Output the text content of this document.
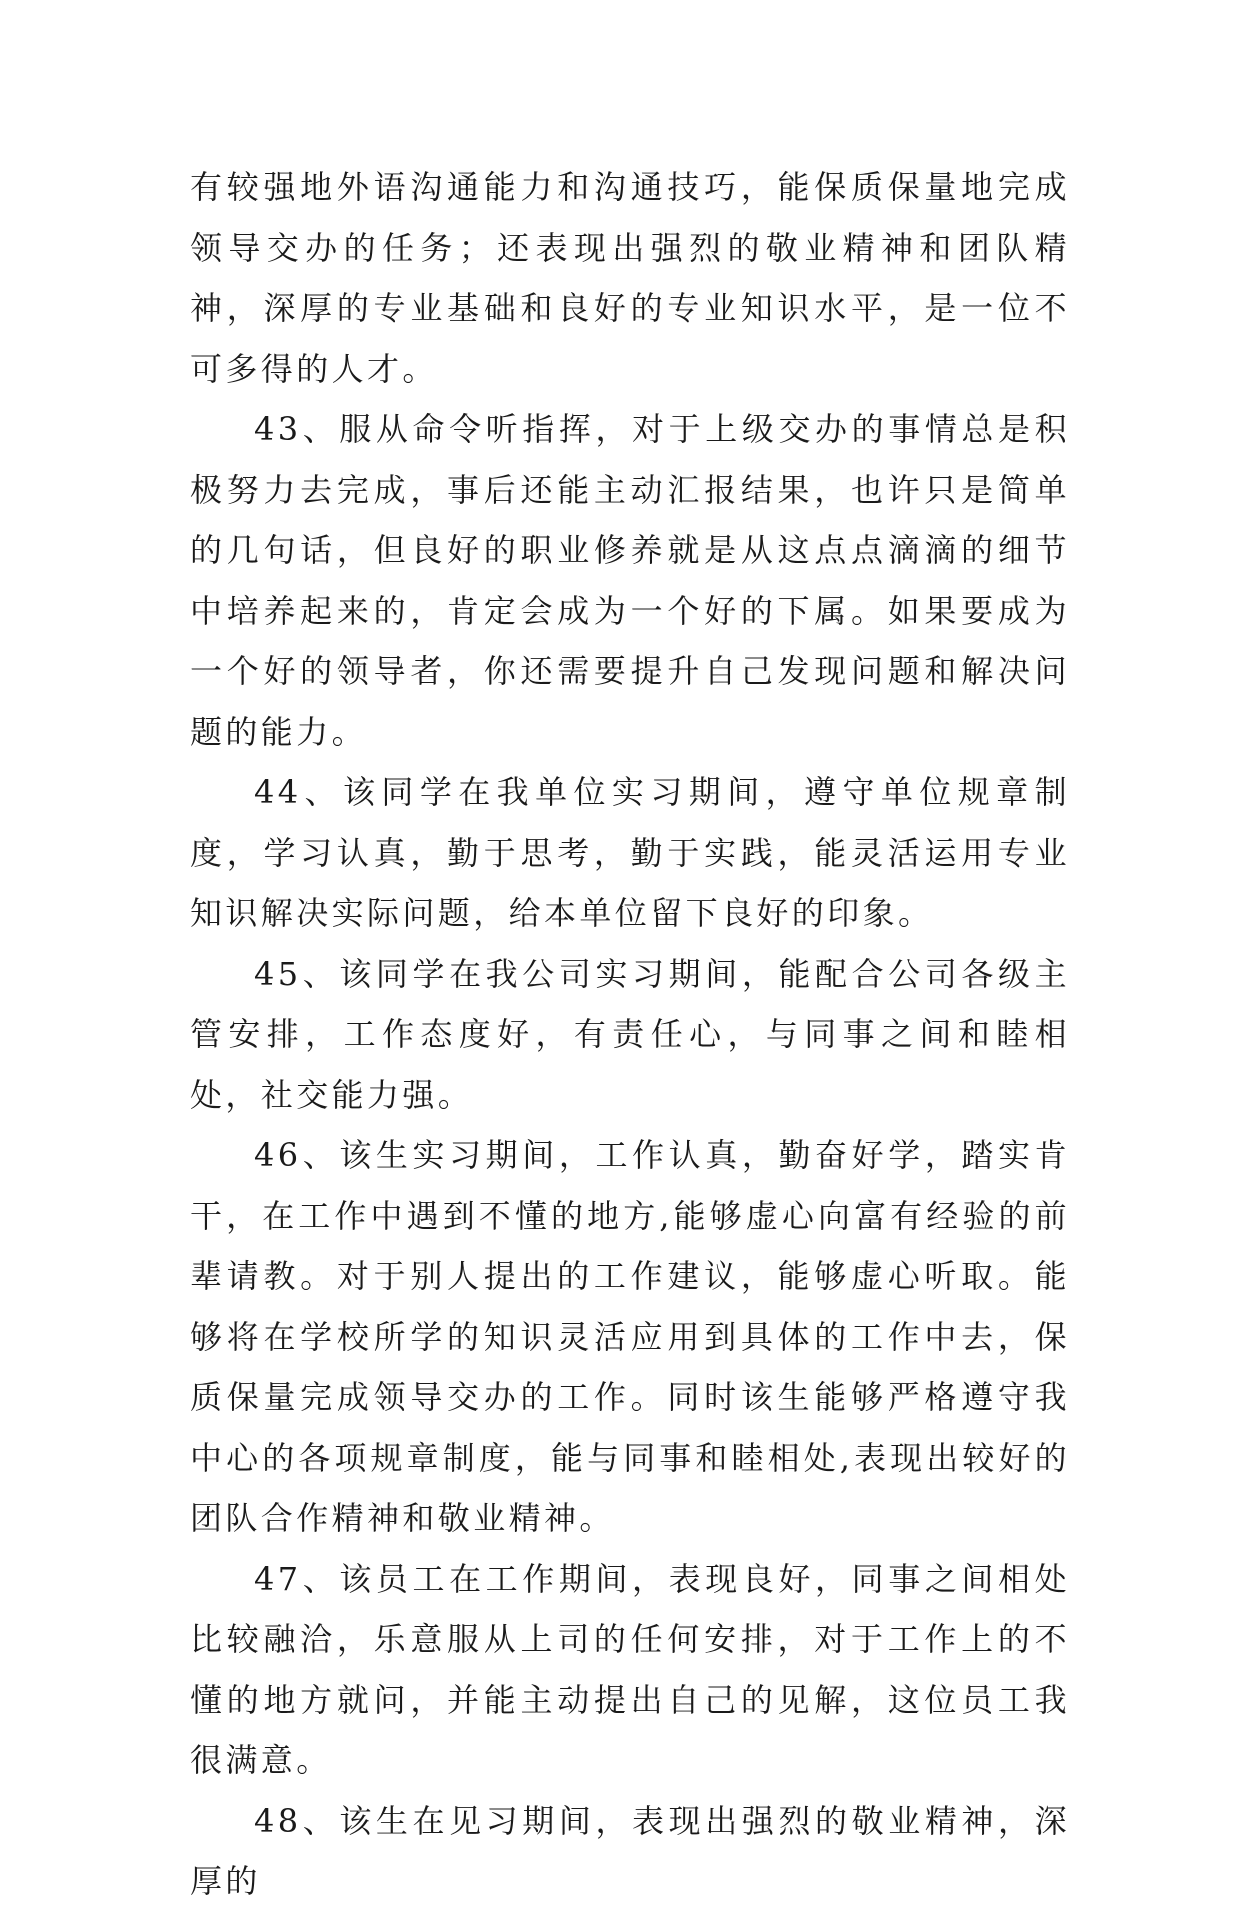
有较强地外语沟通能力和沟通技巧，能保质保量地完成领导交办的任务；还表现出强烈的敬业精神和团队精神，深厚的专业基础和良好的专业知识水平，是一位不可多得的人才。

43、服从命令听指挥，对于上级交办的事情总是积极努力去完成，事后还能主动汇报结果，也许只是简单的几句话，但良好的职业修养就是从这点点滴滴的细节中培养起来的，肯定会成为一个好的下属。如果要成为一个好的领导者，你还需要提升自己发现问题和解决问题的能力。

44、该同学在我单位实习期间，遵守单位规章制度，学习认真，勤于思考，勤于实践，能灵活运用专业知识解决实际问题，给本单位留下良好的印象。

45、该同学在我公司实习期间，能配合公司各级主管安排，工作态度好，有责任心，与同事之间和睦相处，社交能力强。

46、该生实习期间，工作认真，勤奋好学，踏实肯干，在工作中遇到不懂的地方,能够虚心向富有经验的前辈请教。对于别人提出的工作建议，能够虚心听取。能够将在学校所学的知识灵活应用到具体的工作中去，保质保量完成领导交办的工作。同时该生能够严格遵守我中心的各项规章制度，能与同事和睦相处,表现出较好的团队合作精神和敬业精神。

47、该员工在工作期间，表现良好，同事之间相处比较融洽，乐意服从上司的任何安排，对于工作上的不懂的地方就问，并能主动提出自己的见解，这位员工我很满意。

48、该生在见习期间，表现出强烈的敬业精神，深厚的
